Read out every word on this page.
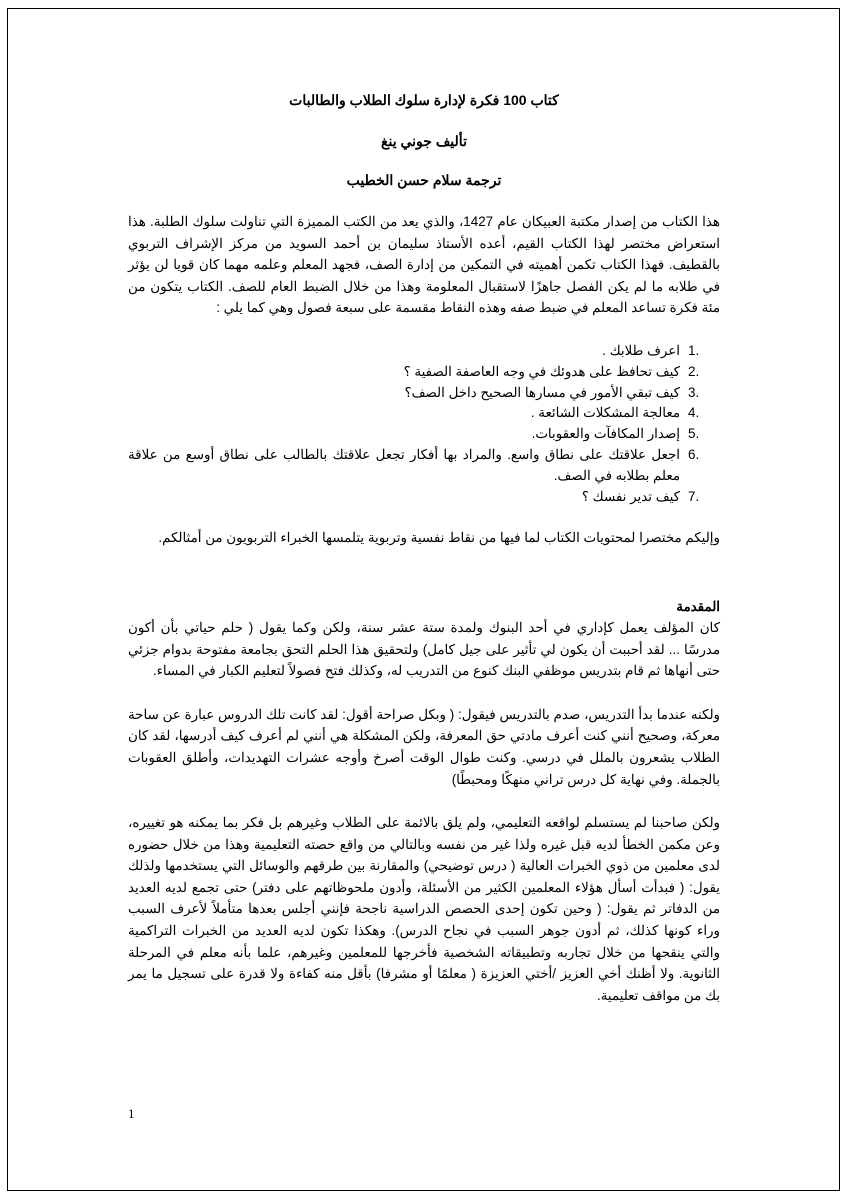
كتاب 100 فكرة لإدارة سلوك الطلاب والطالبات

تأليف جوني ينغ

ترجمة سلام حسن الخطيب

هذا الكتاب من إصدار مكتبة العبيكان عام 1427، والذي يعد من الكتب المميزة التي تناولت سلوك الطلبة. هذا استعراض مختصر لهذا الكتاب القيم، أعده الأستاذ سليمان بن أحمد السويد من مركز الإشراف التربوي بالقطيف. فهذا الكتاب تكمن أهميته في التمكين من إدارة الصف، فجهد المعلم وعلمه مهما كان قويا لن يؤثر في طلابه ما لم يكن الفصل جاهزًا لاستقبال المعلومة وهذا من خلال الضبط العام للصف. الكتاب يتكون من مئة فكرة تساعد المعلم في ضبط صفه وهذه النقاط مقسمة على سبعة فصول وهي كما يلي :

1.
اعرف طلابك .
2.
كيف تحافظ على هدوئك في وجه العاصفة الصفية ؟
3.
كيف تبقي الأمور في مسارها الصحيح داخل الصف؟
4.
معالجة المشكلات الشائعة .
5.
إصدار المكافآت والعقوبات.
6.
اجعل علاقتك على نطاق واسع. والمراد بها أفكار تجعل علاقتك بالطالب على نطاق أوسع من علاقة معلم بطلابه في الصف.
7.
كيف تدير نفسك ؟

وإليكم مختصرا لمحتويات الكتاب لما فيها من نقاط نفسية وتربوية يتلمسها الخبراء التربويون من أمثالكم.

المقدمة

كان المؤلف يعمل كإداري في أحد البنوك ولمدة ستة عشر سنة، ولكن وكما يقول ( حلم حياتي بأن أكون مدرسًا ... لقد أحببت أن يكون لي تأثير على جيل كامل) ولتحقيق هذا الحلم التحق بجامعة مفتوحة بدوام جزئي حتى أنهاها ثم قام بتدريس موظفي البنك كنوع من التدريب له، وكذلك فتح فصولاً لتعليم الكبار في المساء.

ولكنه عندما بدأ التدريس، صدم بالتدريس فيقول: ( وبكل صراحة أقول: لقد كانت تلك الدروس عبارة عن ساحة معركة، وصحيح أنني كنت أعرف مادتي حق المعرفة، ولكن المشكلة هي أنني لم أعرف كيف أدرسها، لقد كان الطلاب يشعرون بالملل في درسي. وكنت طوال الوقت أصرخ وأوجه عشرات التهديدات، وأطلق العقوبات بالجملة. وفي نهاية كل درس تراني منهكًا ومحبطًا)

ولكن صاحبنا لم يستسلم لواقعه التعليمي، ولم يلق بالائمة على الطلاب وغيرهم بل فكر بما يمكنه هو تغييره، وعن مكمن الخطأ لديه قبل غيره ولذا غير من نفسه وبالتالي من واقع حصته التعليمية وهذا من خلال حضوره لدى معلمين من ذوي الخبرات العالية ( درس توضيحي) والمقارنة بين طرقهم والوسائل التي يستخدمها ولذلك يقول: ( فبدأت أسأل هؤلاء المعلمين الكثير من الأسئلة، وأدون ملحوظاتهم على دفتر) حتى تجمع لديه العديد من الدفاتر ثم يقول: ( وحين تكون إحدى الحصص الدراسية ناجحة فإنني أجلس بعدها متأملاً لأعرف السبب وراء كونها كذلك، ثم أدون جوهر السبب في نجاح الدرس). وهكذا تكون لديه العديد من الخبرات التراكمية والتي ينقحها من خلال تجاربه وتطبيقاته الشخصية فأخرجها للمعلمين وغيرهم، علما بأنه معلم في المرحلة الثانوية. ولا أظنك أخي العزيز /أختي العزيزة ( معلمًا أو مشرفا) بأقل منه كفاءة ولا قدرة على تسجيل ما يمر بك من مواقف تعليمية.

1
